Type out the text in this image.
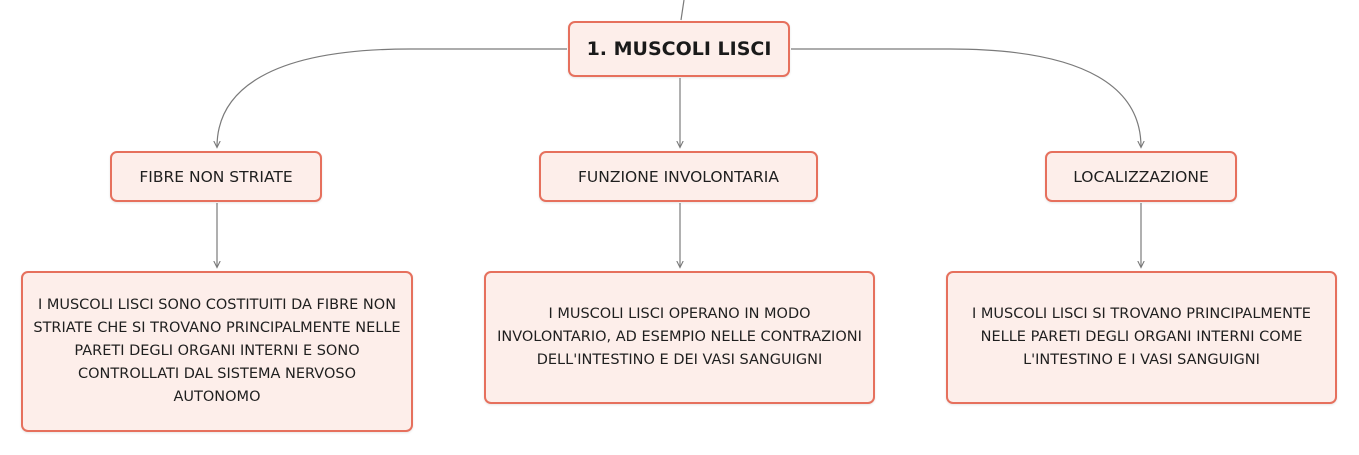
1. MUSCOLI LISCI
FIBRE NON STRIATE	FUNZIONE INVOLONTARIA	LOCALIZZAZIONE
I MUSCOLI LISCI SONO COSTITUITI DA FIBRE NON STRIATE CHE SI TROVANO PRINCIPALMENTE NELLE PARETI DEGLI ORGANI INTERNI E SONO CONTROLLATI DAL SISTEMA NERVOSO AUTONOMO
I MUSCOLI LISCI OPERANO IN MODO INVOLONTARIO, AD ESEMPIO NELLE CONTRAZIONI DELL'INTESTINO E DEI VASI SANGUIGNI
I MUSCOLI LISCI SI TROVANO PRINCIPALMENTE NELLE PARETI DEGLI ORGANI INTERNI COME L'INTESTINO E I VASI SANGUIGNI
